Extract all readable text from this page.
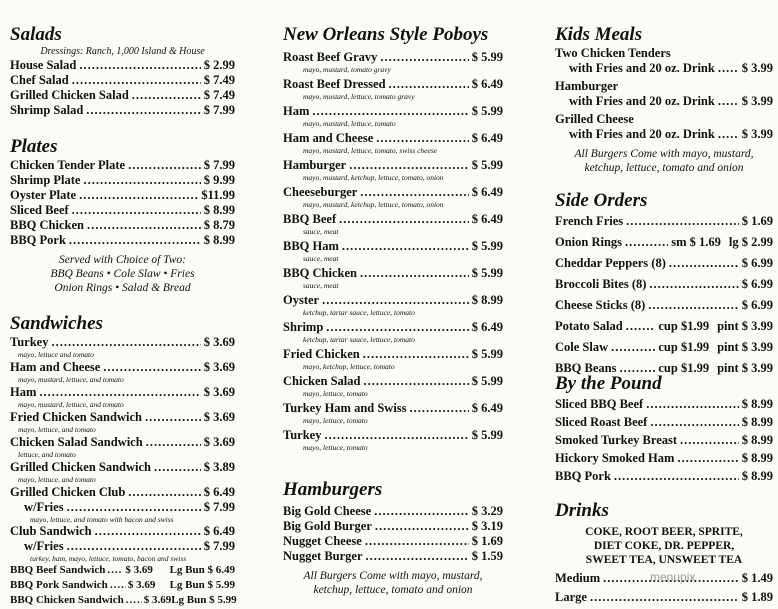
Salads
Dressings: Ranch, 1,000 Island & House
House Salad .....	$ 2.99
Chef Salad .....	$ 7.49
Grilled Chicken Salad .....	$ 7.49
Shrimp Salad .....	$ 7.99
Plates
Chicken Tender Plate .....	$ 7.99
Shrimp Plate .....	$ 9.99
Oyster Plate .....	$11.99
Sliced Beef .....	$ 8.99
BBQ Chicken .....	$ 8.79
BBQ Pork .....	$ 8.99
Served with Choice of Two:
BBQ Beans • Cole Slaw • Fries
Onion Rings • Salad & Bread
Sandwiches
Turkey .....	$ 3.69
mayo, lettuce and tomato
Ham and Cheese .....	$ 3.69
mayo, mustard, lettuce, and tomato
Ham .....	$ 3.69
mayo, mustard, lettuce, and tomato
Fried Chicken Sandwich .....	$ 3.69
mayo, lettuce, and tomato
Chicken Salad Sandwich .....	$ 3.69
lettuce, and tomato
Grilled Chicken Sandwich .....	$ 3.89
mayo, lettuce, and tomato
Grilled Chicken Club .....	$ 6.49
w/Fries .....	$ 7.99
mayo, lettuce, and tomato with bacon and swiss
Club Sandwich .....	$ 6.49
w/Fries .....	$ 7.99
turkey, ham, mayo, lettuce, tomato, bacon and swiss
BBQ Beef Sandwich ..... $ 3.69 Lg Bun $ 6.49
BBQ Pork Sandwich ..... $ 3.69 Lg Bun $ 5.99
BBQ Chicken Sandwich ..... $ 3.69 Lg Bun $ 5.99
New Orleans Style Poboys
Roast Beef Gravy .....	$ 5.99
mayo, mustard, tomato gravy
Roast Beef Dressed .....	$ 6.49
mayo, mustard, lettuce, tomato gravy
Ham .....	$ 5.99
mayo, mustard, lettuce, tomato
Ham and Cheese .....	$ 6.49
mayo, mustard, lettuce, tomato, swiss cheese
Hamburger .....	$ 5.99
mayo, mustard, ketchup, lettuce, tomato, onion
Cheeseburger .....	$ 6.49
mayo, mustard, ketchup, lettuce, tomato, onion
BBQ Beef .....	$ 6.49
sauce, meat
BBQ Ham .....	$ 5.99
sauce, meat
BBQ Chicken .....	$ 5.99
sauce, meat
Oyster .....	$ 8.99
ketchup, tartar sauce, lettuce, tomato
Shrimp .....	$ 6.49
ketchup, tartar sauce, lettuce, tomato
Fried Chicken .....	$ 5.99
mayo, ketchup, lettuce, tomato
Chicken Salad .....	$ 5.99
mayo, lettuce, tomato
Turkey Ham and Swiss .....	$ 6.49
mayo, lettuce, tomato
Turkey .....	$ 5.99
mayo, lettuce, tomato
Hamburgers
Big Gold Cheese .....	$ 3.29
Big Gold Burger .....	$ 3.19
Nugget Cheese .....	$ 1.69
Nugget Burger .....	$ 1.59
All Burgers Come with mayo, mustard,
ketchup, lettuce, tomato and onion
Kids Meals
Two Chicken Tenders
with Fries and 20 oz. Drink ..... $ 3.99
Hamburger
with Fries and 20 oz. Drink ..... $ 3.99
Grilled Cheese
with Fries and 20 oz. Drink ..... $ 3.99
All Burgers Come with mayo, mustard,
ketchup, lettuce, tomato and onion
Side Orders
French Fries .....	$ 1.69
Onion Rings .....	sm $ 1.69 lg $ 2.99
Cheddar Peppers (8) .....	$ 6.99
Broccoli Bites (8) .....	$ 6.99
Cheese Sticks (8) .....	$ 6.99
Potato Salad .....	cup $1.99 pint $ 3.99
Cole Slaw .....	cup $1.99 pint $ 3.99
BBQ Beans .....	cup $1.99 pint $ 3.99
By the Pound
Sliced BBQ Beef .....	$ 8.99
Sliced Roast Beef .....	$ 8.99
Smoked Turkey Breast .....	$ 8.99
Hickory Smoked Ham .....	$ 8.99
BBQ Pork .....	$ 8.99
Drinks
COKE, ROOT BEER, SPRITE,
DIET COKE, DR. PEPPER,
SWEET TEA, UNSWEET TEA
Medium .....	$ 1.49
Large .....	$ 1.89
menupix
